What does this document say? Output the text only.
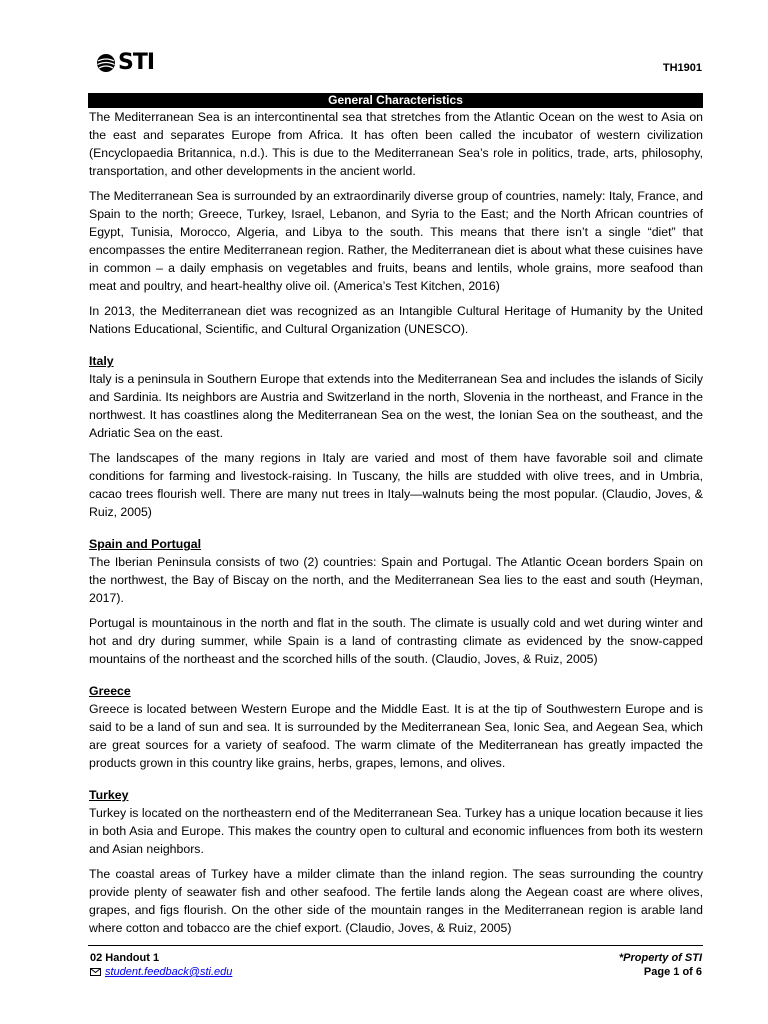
STI	TH1901
General Characteristics

The Mediterranean Sea is an intercontinental sea that stretches from the Atlantic Ocean on the west to Asia on the east and separates Europe from Africa. It has often been called the incubator of western civilization (Encyclopaedia Britannica, n.d.). This is due to the Mediterranean Sea’s role in politics, trade, arts, philosophy, transportation, and other developments in the ancient world.

The Mediterranean Sea is surrounded by an extraordinarily diverse group of countries, namely: Italy, France, and Spain to the north; Greece, Turkey, Israel, Lebanon, and Syria to the East; and the North African countries of Egypt, Tunisia, Morocco, Algeria, and Libya to the south. This means that there isn’t a single “diet” that encompasses the entire Mediterranean region. Rather, the Mediterranean diet is about what these cuisines have in common – a daily emphasis on vegetables and fruits, beans and lentils, whole grains, more seafood than meat and poultry, and heart-healthy olive oil. (America’s Test Kitchen, 2016)

In 2013, the Mediterranean diet was recognized as an Intangible Cultural Heritage of Humanity by the United Nations Educational, Scientific, and Cultural Organization (UNESCO).

Italy

Italy is a peninsula in Southern Europe that extends into the Mediterranean Sea and includes the islands of Sicily and Sardinia. Its neighbors are Austria and Switzerland in the north, Slovenia in the northeast, and France in the northwest. It has coastlines along the Mediterranean Sea on the west, the Ionian Sea on the southeast, and the Adriatic Sea on the east.

The landscapes of the many regions in Italy are varied and most of them have favorable soil and climate conditions for farming and livestock-raising. In Tuscany, the hills are studded with olive trees, and in Umbria, cacao trees flourish well. There are many nut trees in Italy—walnuts being the most popular. (Claudio, Joves, & Ruiz, 2005)

Spain and Portugal

The Iberian Peninsula consists of two (2) countries: Spain and Portugal. The Atlantic Ocean borders Spain on the northwest, the Bay of Biscay on the north, and the Mediterranean Sea lies to the east and south (Heyman, 2017).

Portugal is mountainous in the north and flat in the south. The climate is usually cold and wet during winter and hot and dry during summer, while Spain is a land of contrasting climate as evidenced by the snow-capped mountains of the northeast and the scorched hills of the south. (Claudio, Joves, & Ruiz, 2005)

Greece

Greece is located between Western Europe and the Middle East. It is at the tip of Southwestern Europe and is said to be a land of sun and sea. It is surrounded by the Mediterranean Sea, Ionic Sea, and Aegean Sea, which are great sources for a variety of seafood. The warm climate of the Mediterranean has greatly impacted the products grown in this country like grains, herbs, grapes, lemons, and olives.

Turkey

Turkey is located on the northeastern end of the Mediterranean Sea. Turkey has a unique location because it lies in both Asia and Europe. This makes the country open to cultural and economic influences from both its western and Asian neighbors.

The coastal areas of Turkey have a milder climate than the inland region. The seas surrounding the country provide plenty of seawater fish and other seafood. The fertile lands along the Aegean coast are where olives, grapes, and figs flourish. On the other side of the mountain ranges in the Mediterranean region is arable land where cotton and tobacco are the chief export. (Claudio, Joves, & Ruiz, 2005)

02 Handout 1
student.feedback@sti.edu
*Property of STI
Page 1 of 6
